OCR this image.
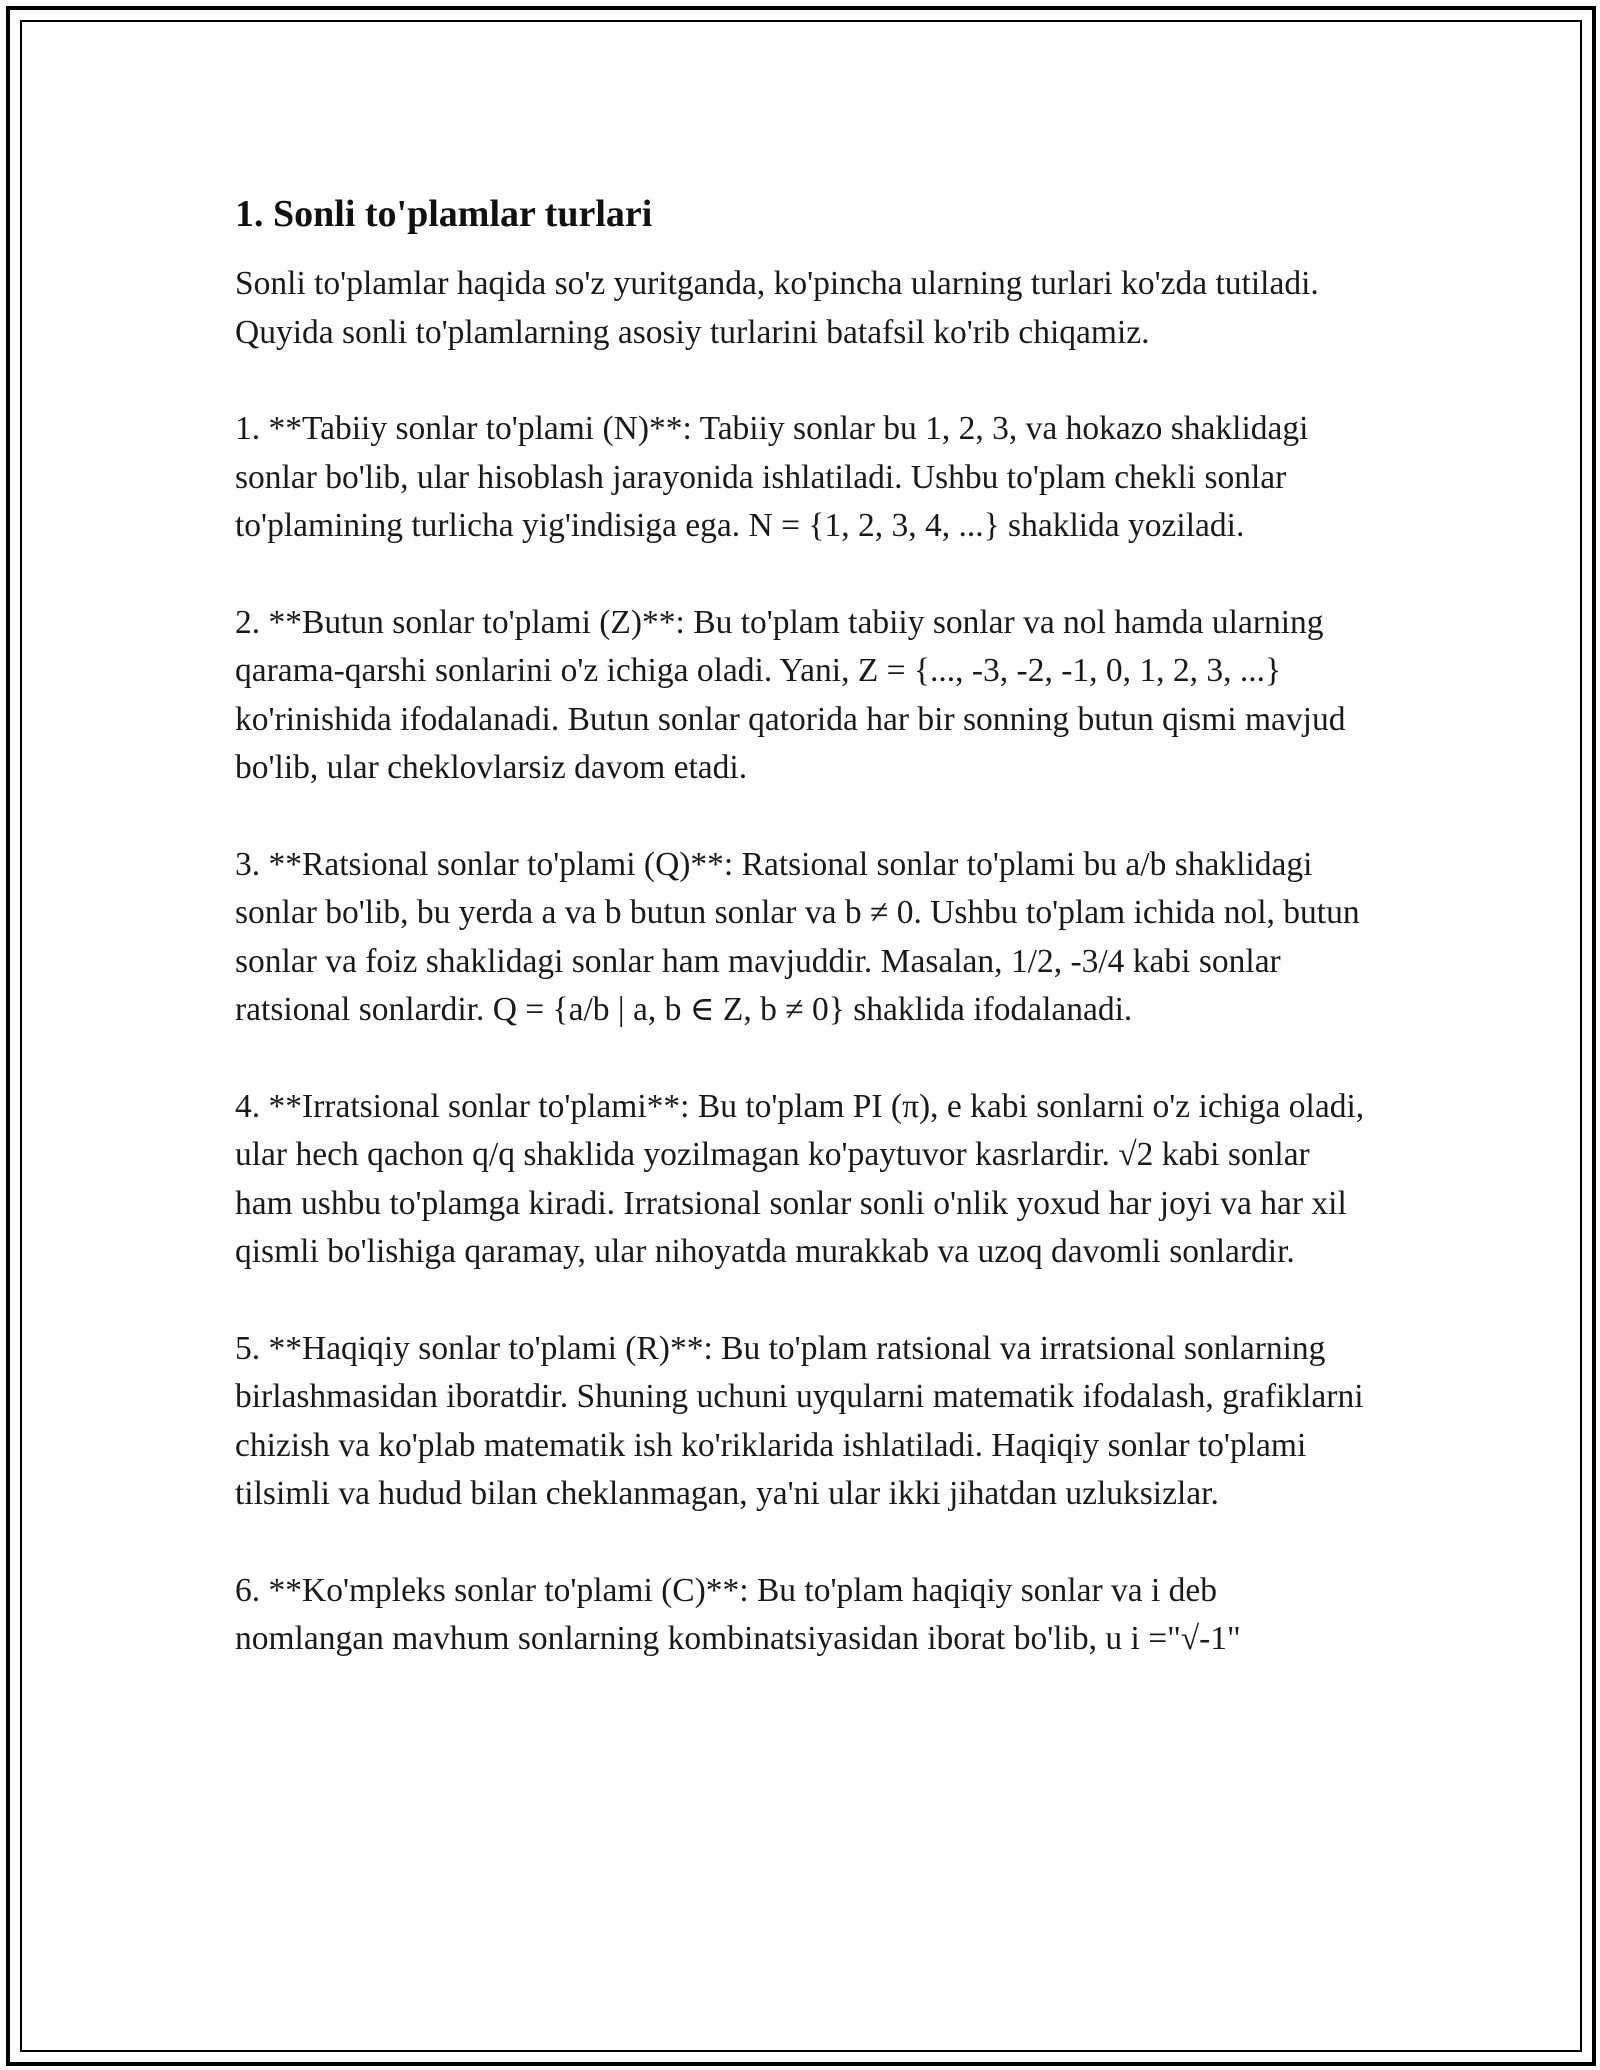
1. Sonli to'plamlar turlari

Sonli to'plamlar haqida so'z yuritganda, ko'pincha ularning turlari ko'zda tutiladi. Quyida sonli to'plamlarning asosiy turlarini batafsil ko'rib chiqamiz.

1. **Tabiiy sonlar to'plami (N)**: Tabiiy sonlar bu 1, 2, 3, va hokazo shaklidagi sonlar bo'lib, ular hisoblash jarayonida ishlatiladi. Ushbu to'plam chekli sonlar to'plamining turlicha yig'indisiga ega. N = {1, 2, 3, 4, ...} shaklida yoziladi.

2. **Butun sonlar to'plami (Z)**: Bu to'plam tabiiy sonlar va nol hamda ularning qarama-qarshi sonlarini o'z ichiga oladi. Yani, Z = {..., -3, -2, -1, 0, 1, 2, 3, ...} ko'rinishida ifodalanadi. Butun sonlar qatorida har bir sonning butun qismi mavjud bo'lib, ular cheklovlarsiz davom etadi.

3. **Ratsional sonlar to'plami (Q)**: Ratsional sonlar to'plami bu a/b shaklidagi sonlar bo'lib, bu yerda a va b butun sonlar va b ≠ 0. Ushbu to'plam ichida nol, butun sonlar va foiz shaklidagi sonlar ham mavjuddir. Masalan, 1/2, -3/4 kabi sonlar ratsional sonlardir. Q = {a/b | a, b ∈ Z, b ≠ 0} shaklida ifodalanadi.

4. **Irratsional sonlar to'plami**: Bu to'plam PI (π), e kabi sonlarni o'z ichiga oladi, ular hech qachon q/q shaklida yozilmagan ko'paytuvor kasrlardir. √2 kabi sonlar ham ushbu to'plamga kiradi. Irratsional sonlar sonli o'nlik yoxud har joyi va har xil qismli bo'lishiga qaramay, ular nihoyatda murakkab va uzoq davomli sonlardir.

5. **Haqiqiy sonlar to'plami (R)**: Bu to'plam ratsional va irratsional sonlarning birlashmasidan iboratdir. Shuning uchuni uyqularni matematik ifodalash, grafiklarni chizish va ko'plab matematik ish ko'riklarida ishlatiladi. Haqiqiy sonlar to'plami tilsimli va hudud bilan cheklanmagan, ya'ni ular ikki jihatdan uzluksizlar.

6. **Ko'mpleks sonlar to'plami (C)**: Bu to'plam haqiqiy sonlar va i deb nomlangan mavhum sonlarning kombinatsiyasidan iborat bo'lib, u i ="√-1"
